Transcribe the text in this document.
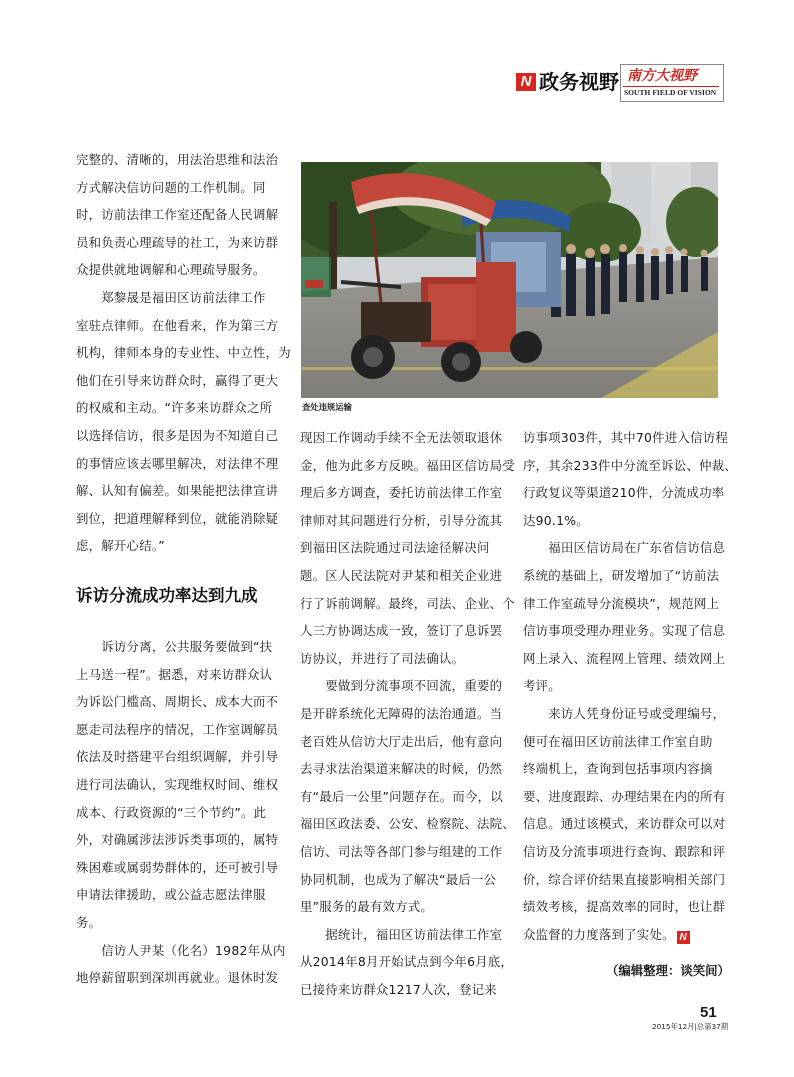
N 政务视野 南方大视野
SOUTH FIELD OF VISION

完整的、清晰的，用法治思维和法治

方式解决信访问题的工作机制。同

时，访前法律工作室还配备人民调解

员和负责心理疏导的社工，为来访群

众提供就地调解和心理疏导服务。

　　郑黎晟是福田区访前法律工作

室驻点律师。在他看来，作为第三方

机构，律师本身的专业性、中立性，为

他们在引导来访群众时，赢得了更大

的权威和主动。“许多来访群众之所

以选择信访，很多是因为不知道自己

的事情应该去哪里解决，对法律不理

解、认知有偏差。如果能把法律宣讲

到位，把道理解释到位，就能消除疑

虑，解开心结。”

诉访分流成功率达到九成

　　诉访分离，公共服务要做到“扶

上马送一程”。据悉，对来访群众认

为诉讼门槛高、周期长、成本大而不

愿走司法程序的情况，工作室调解员

依法及时搭建平台组织调解，并引导

进行司法确认，实现维权时间、维权

成本、行政资源的“三个节约”。此

外，对确属涉法涉诉类事项的，属特

殊困难或属弱势群体的，还可被引导

申请法律援助，或公益志愿法律服

务。

　　信访人尹某（化名）1982年从内

地停薪留职到深圳再就业。退休时发

查处违规运输

现因工作调动手续不全无法领取退休

金，他为此多方反映。福田区信访局受

理后多方调查，委托访前法律工作室

律师对其问题进行分析，引导分流其

到福田区法院通过司法途径解决问

题。区人民法院对尹某和相关企业进

行了诉前调解。最终，司法、企业、个

人三方协调达成一致，签订了息诉罢

访协议，并进行了司法确认。

　　要做到分流事项不回流，重要的

是开辟系统化无障碍的法治通道。当

老百姓从信访大厅走出后，他有意向

去寻求法治渠道来解决的时候，仍然

有“最后一公里”问题存在。而今，以

福田区政法委、公安、检察院、法院、

信访、司法等各部门参与组建的工作

协同机制，也成为了解决“最后一公

里”服务的最有效方式。

　　据统计，福田区访前法律工作室

从2014年8月开始试点到今年6月底，

已接待来访群众1217人次，登记来

访事项303件，其中70件进入信访程

序，其余233件中分流至诉讼、仲裁、

行政复议等渠道210件，分流成功率

达90.1%。

　　福田区信访局在广东省信访信息

系统的基础上，研发增加了“访前法

律工作室疏导分流模块”，规范网上

信访事项受理办理业务。实现了信息

网上录入、流程网上管理、绩效网上

考评。

　　来访人凭身份证号或受理编号，

便可在福田区访前法律工作室自助

终端机上，查询到包括事项内容摘

要、进度跟踪、办理结果在内的所有

信息。通过该模式，来访群众可以对

信访及分流事项进行查询、跟踪和评

价，综合评价结果直接影响相关部门

绩效考核，提高效率的同时，也让群

众监督的力度落到了实处。 N

（编辑整理：谈笑间）
51
2015年12月|总第37期
